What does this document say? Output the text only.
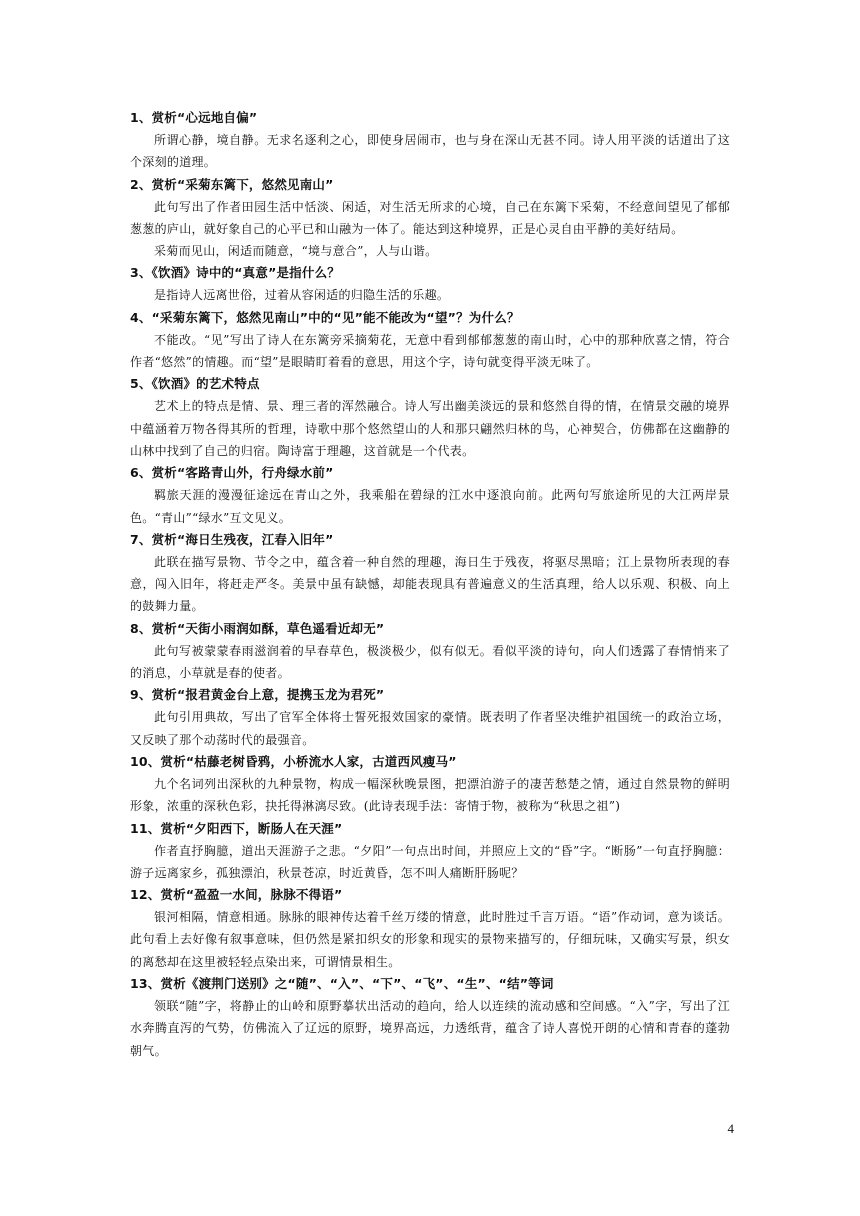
1、赏析“心远地自偏”
所谓心静，境自静。无求名逐利之心，即使身居闹市，也与身在深山无甚不同。诗人用平淡的话道出了这个深刻的道理。
2、赏析“采菊东篱下，悠然见南山”
此句写出了作者田园生活中恬淡、闲适，对生活无所求的心境，自己在东篱下采菊，不经意间望见了郁郁葱葱的庐山，就好象自己的心平已和山融为一体了。能达到这种境界，正是心灵自由平静的美好结局。
采菊而见山，闲适而随意，“境与意合”，人与山谐。
3、《饮酒》诗中的“真意”是指什么？
是指诗人远离世俗，过着从容闲适的归隐生活的乐趣。
4、“采菊东篱下，悠然见南山”中的“见”能不能改为“望”？为什么？
不能改。“见”写出了诗人在东篱旁采摘菊花，无意中看到郁郁葱葱的南山时，心中的那种欣喜之情，符合作者“悠然”的情趣。而“望”是眼睛盯着看的意思，用这个字，诗句就变得平淡无味了。
5、《饮酒》的艺术特点
艺术上的特点是情、景、理三者的浑然融合。诗人写出幽美淡远的景和悠然自得的情，在情景交融的境界中蕴涵着万物各得其所的哲理，诗歌中那个悠然望山的人和那只翩然归林的鸟，心神契合，仿佛都在这幽静的山林中找到了自己的归宿。陶诗富于理趣，这首就是一个代表。
6、赏析“客路青山外，行舟绿水前”
羁旅天涯的漫漫征途远在青山之外，我乘船在碧绿的江水中逐浪向前。此两句写旅途所见的大江两岸景色。“青山”“绿水”互文见义。
7、赏析“海日生残夜，江春入旧年”
此联在描写景物、节令之中，蕴含着一种自然的理趣，海日生于残夜，将驱尽黑暗；江上景物所表现的春意，闯入旧年，将赶走严冬。美景中虽有缺憾，却能表现具有普遍意义的生活真理，给人以乐观、积极、向上的鼓舞力量。
8、赏析“天街小雨润如酥，草色遥看近却无”
此句写被蒙蒙春雨滋润着的早春草色，极淡极少，似有似无。看似平淡的诗句，向人们透露了春情悄来了的消息，小草就是春的使者。
9、赏析“报君黄金台上意，提携玉龙为君死”
此句引用典故，写出了官军全体将士誓死报效国家的豪情。既表明了作者坚决维护祖国统一的政治立场，又反映了那个动荡时代的最强音。
10、赏析“枯藤老树昏鸦，小桥流水人家，古道西风瘦马”
九个名词列出深秋的九种景物，构成一幅深秋晚景图，把漂泊游子的凄苦愁楚之情，通过自然景物的鲜明形象，浓重的深秋色彩，抉托得淋漓尽致。(此诗表现手法：寄情于物，被称为“秋思之祖”)
11、赏析“夕阳西下，断肠人在天涯”
作者直抒胸臆，道出天涯游子之悲。“夕阳”一句点出时间，并照应上文的“昏”字。“断肠”一句直抒胸臆：游子远离家乡，孤独漂泊，秋景苍凉，时近黄昏，怎不叫人痛断肝肠呢？
12、赏析“盈盈一水间，脉脉不得语”
银河相隔，情意相通。脉脉的眼神传达着千丝万缕的情意，此时胜过千言万语。“语”作动词，意为谈话。此句看上去好像有叙事意味，但仍然是紧扣织女的形象和现实的景物来描写的，仔细玩味，又确实写景，织女的离愁却在这里被轻轻点染出来，可谓情景相生。
13、赏析《渡荆门送别》之“随”、“入”、“下”、“飞”、“生”、“结”等词
领联“随”字，将静止的山岭和原野摹状出活动的趋向，给人以连续的流动感和空间感。“入”字，写出了江水奔腾直泻的气势，仿佛流入了辽远的原野，境界高远，力透纸背，蕴含了诗人喜悦开朗的心情和青春的蓬勃朝气。
4
